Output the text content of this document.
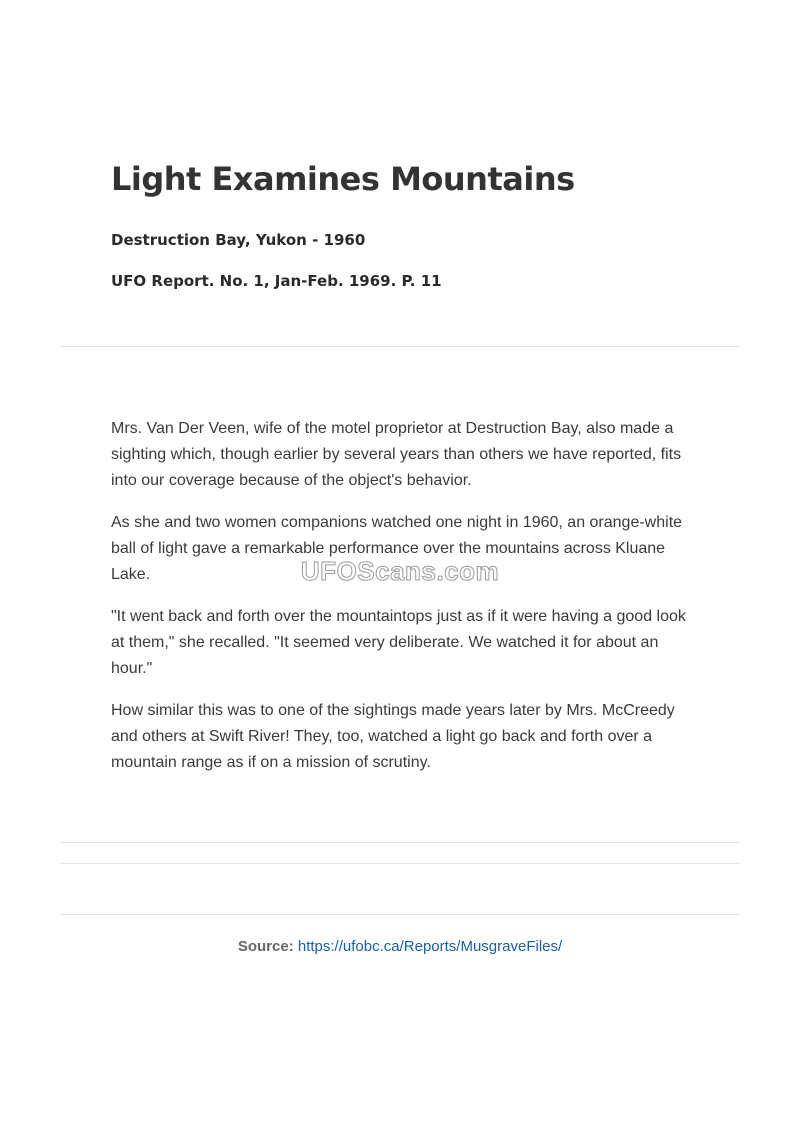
Light Examines Mountains
Destruction Bay, Yukon - 1960
UFO Report. No. 1, Jan-Feb. 1969. P. 11

Mrs. Van Der Veen, wife of the motel proprietor at Destruction Bay, also made a sighting which, though earlier by several years than others we have reported, fits into our coverage because of the object's behavior.

As she and two women companions watched one night in 1960, an orange-white ball of light gave a remarkable performance over the mountains across Kluane Lake.

"It went back and forth over the mountaintops just as if it were having a good look at them," she recalled. "It seemed very deliberate. We watched it for about an hour."

How similar this was to one of the sightings made years later by Mrs. McCreedy and others at Swift River! They, too, watched a light go back and forth over a mountain range as if on a mission of scrutiny.

UFOScans.com
Source: https://ufobc.ca/Reports/MusgraveFiles/
